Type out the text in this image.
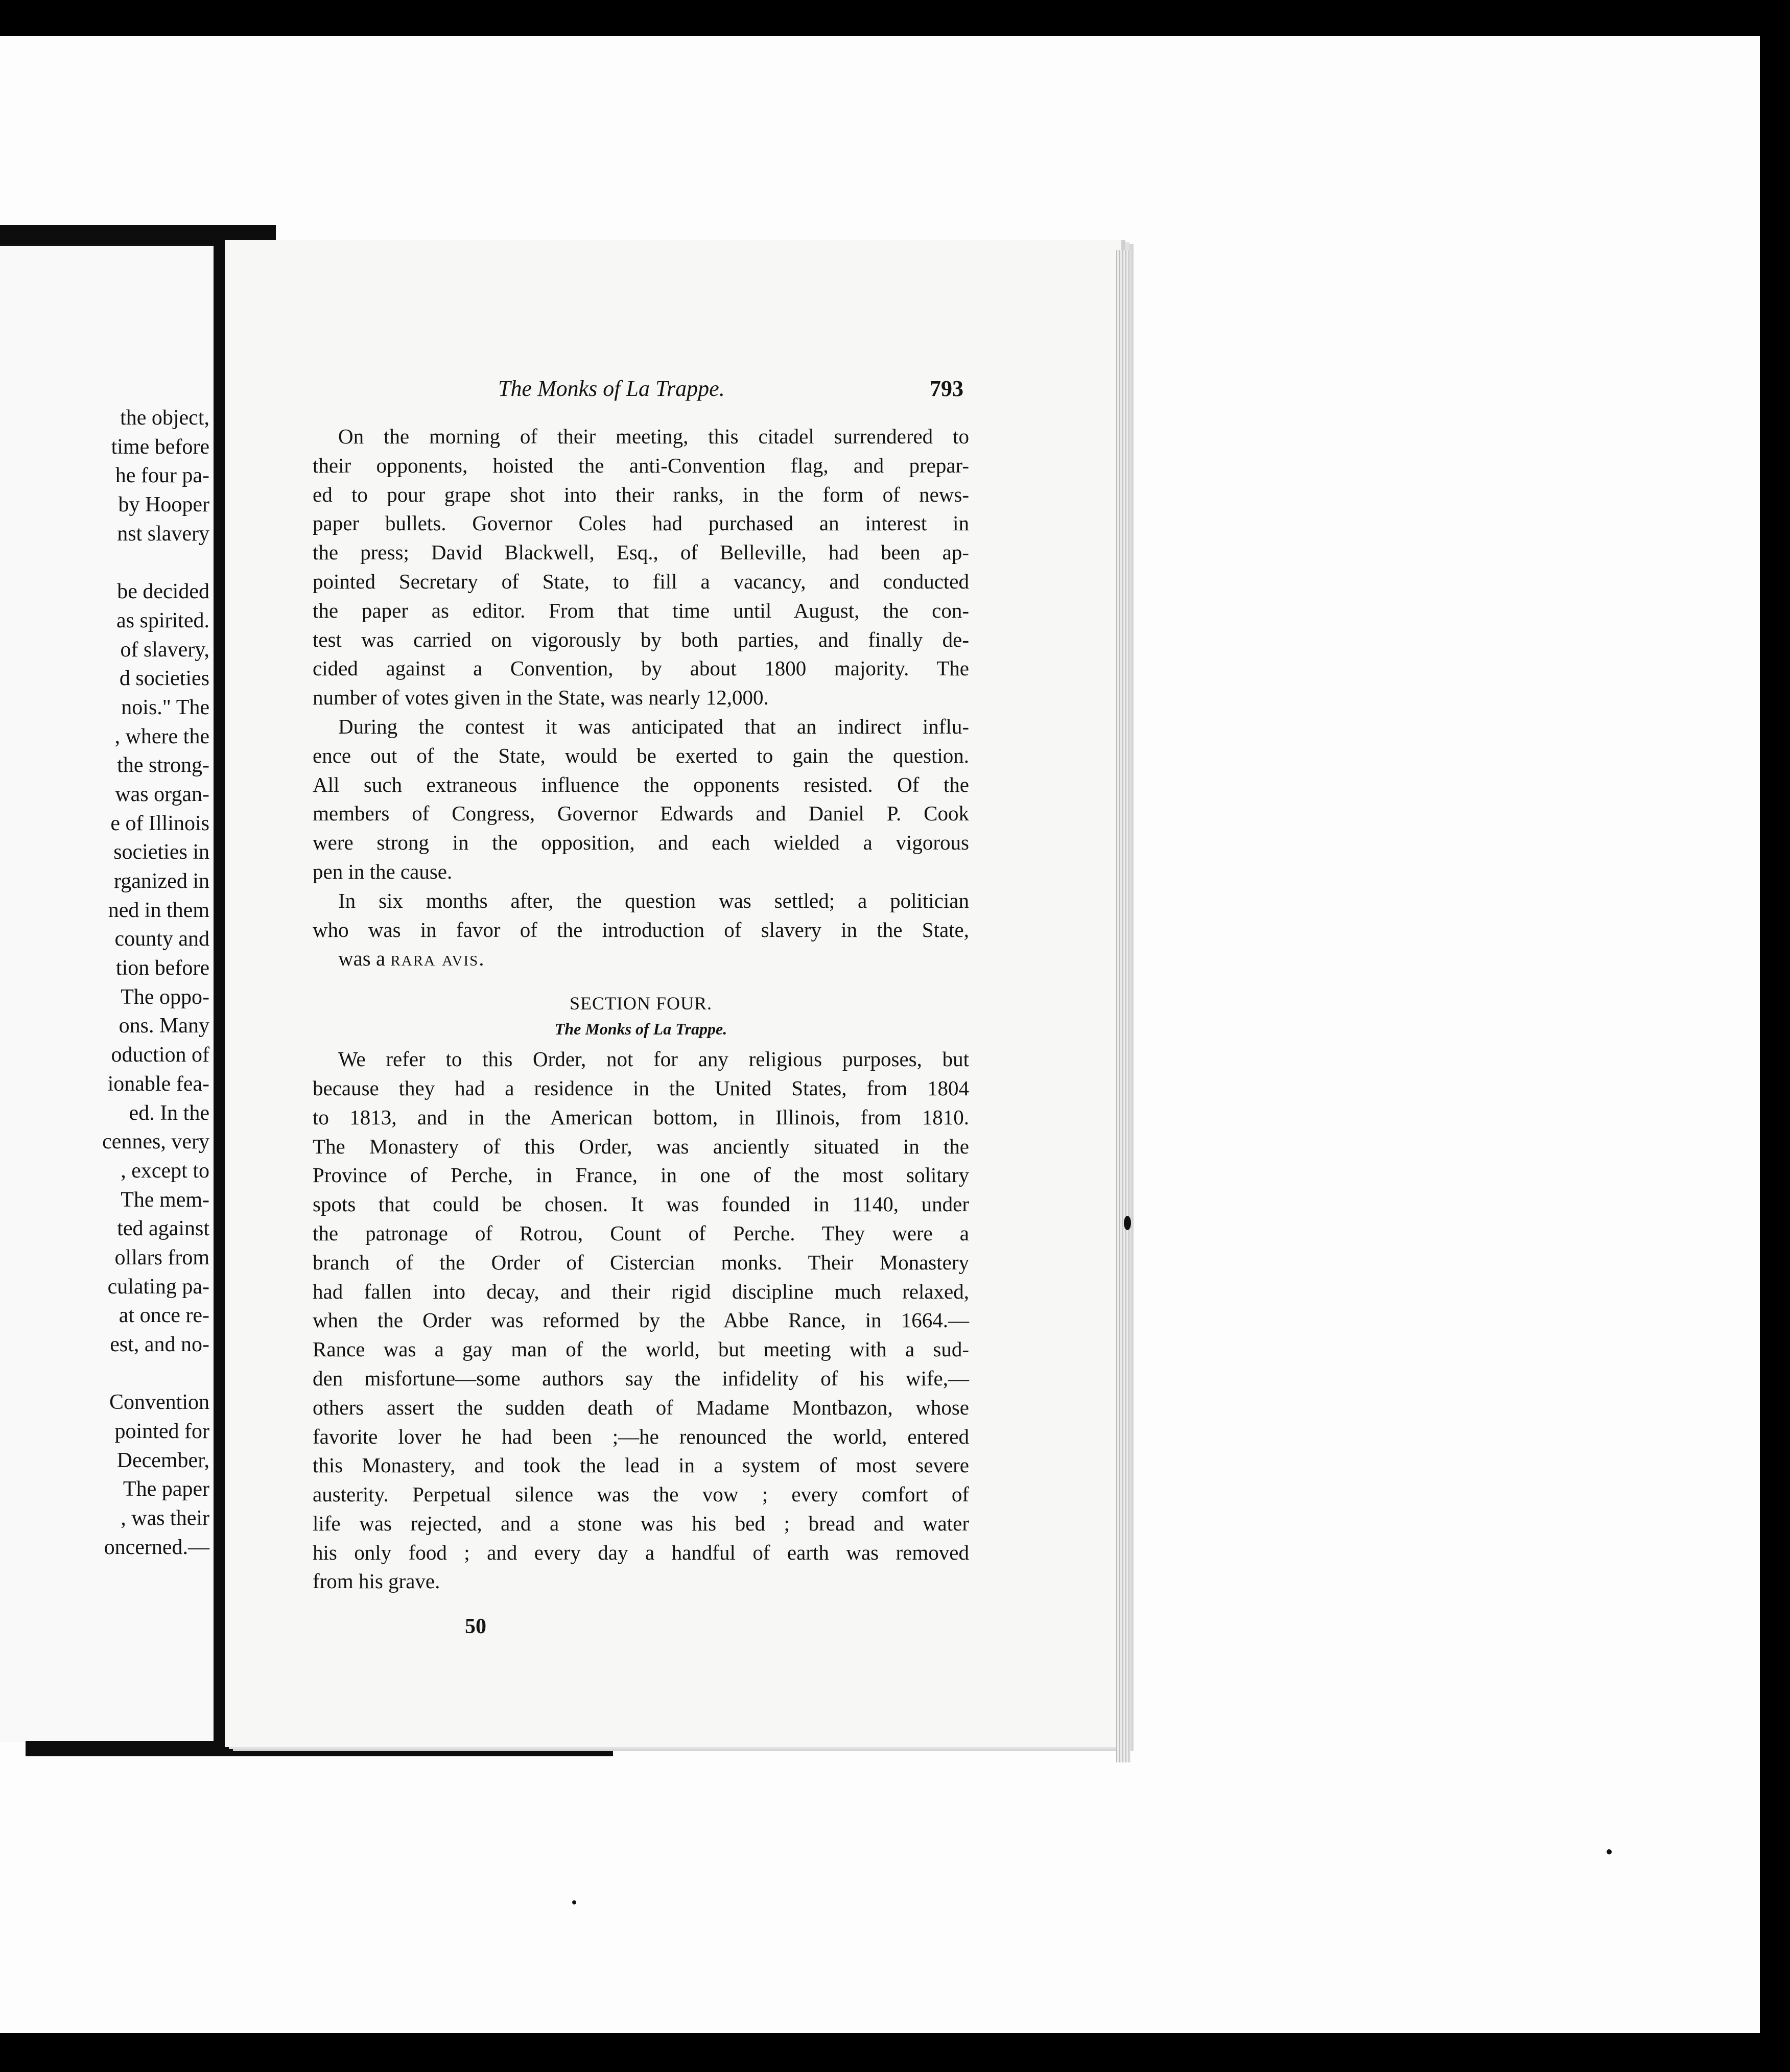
the object,
time before
he four pa-
by Hooper
nst slavery
be decided
as spirited.
of slavery,
d societies
nois." The
, where the
the strong-
was organ-
e of Illinois
societies in
rganized in
ned in them
county and
tion before
The oppo-
ons. Many
oduction of
ionable fea-
ed. In the
cennes, very
, except to
The mem-
ted against
ollars from
culating pa-
at once re-
est, and no-
Convention
pointed for
December,
The paper
, was their
oncerned.—
The Monks of La Trappe.	793
On the morning of their meeting, this citadel surrendered to
their opponents, hoisted the anti-Convention flag, and prepar-
ed to pour grape shot into their ranks, in the form of news-
paper bullets. Governor Coles had purchased an interest in
the press; David Blackwell, Esq., of Belleville, had been ap-
pointed Secretary of State, to fill a vacancy, and conducted
the paper as editor. From that time until August, the con-
test was carried on vigorously by both parties, and finally de-
cided against a Convention, by about 1800 majority. The
number of votes given in the State, was nearly 12,000.
During the contest it was anticipated that an indirect influ-
ence out of the State, would be exerted to gain the question.
All such extraneous influence the opponents resisted. Of the
members of Congress, Governor Edwards and Daniel P. Cook
were strong in the opposition, and each wielded a vigorous
pen in the cause.
In six months after, the question was settled; a politician
who was in favor of the introduction of slavery in the State,
was a rara avis.
SECTION FOUR.
The Monks of La Trappe.
We refer to this Order, not for any religious purposes, but
because they had a residence in the United States, from 1804
to 1813, and in the American bottom, in Illinois, from 1810.
The Monastery of this Order, was anciently situated in the
Province of Perche, in France, in one of the most solitary
spots that could be chosen. It was founded in 1140, under
the patronage of Rotrou, Count of Perche. They were a
branch of the Order of Cistercian monks. Their Monastery
had fallen into decay, and their rigid discipline much relaxed,
when the Order was reformed by the Abbe Rance, in 1664.—
Rance was a gay man of the world, but meeting with a sud-
den misfortune—some authors say the infidelity of his wife,—
others assert the sudden death of Madame Montbazon, whose
favorite lover he had been ;—he renounced the world, entered
this Monastery, and took the lead in a system of most severe
austerity. Perpetual silence was the vow ; every comfort of
life was rejected, and a stone was his bed ; bread and water
his only food ; and every day a handful of earth was removed
from his grave.
50
